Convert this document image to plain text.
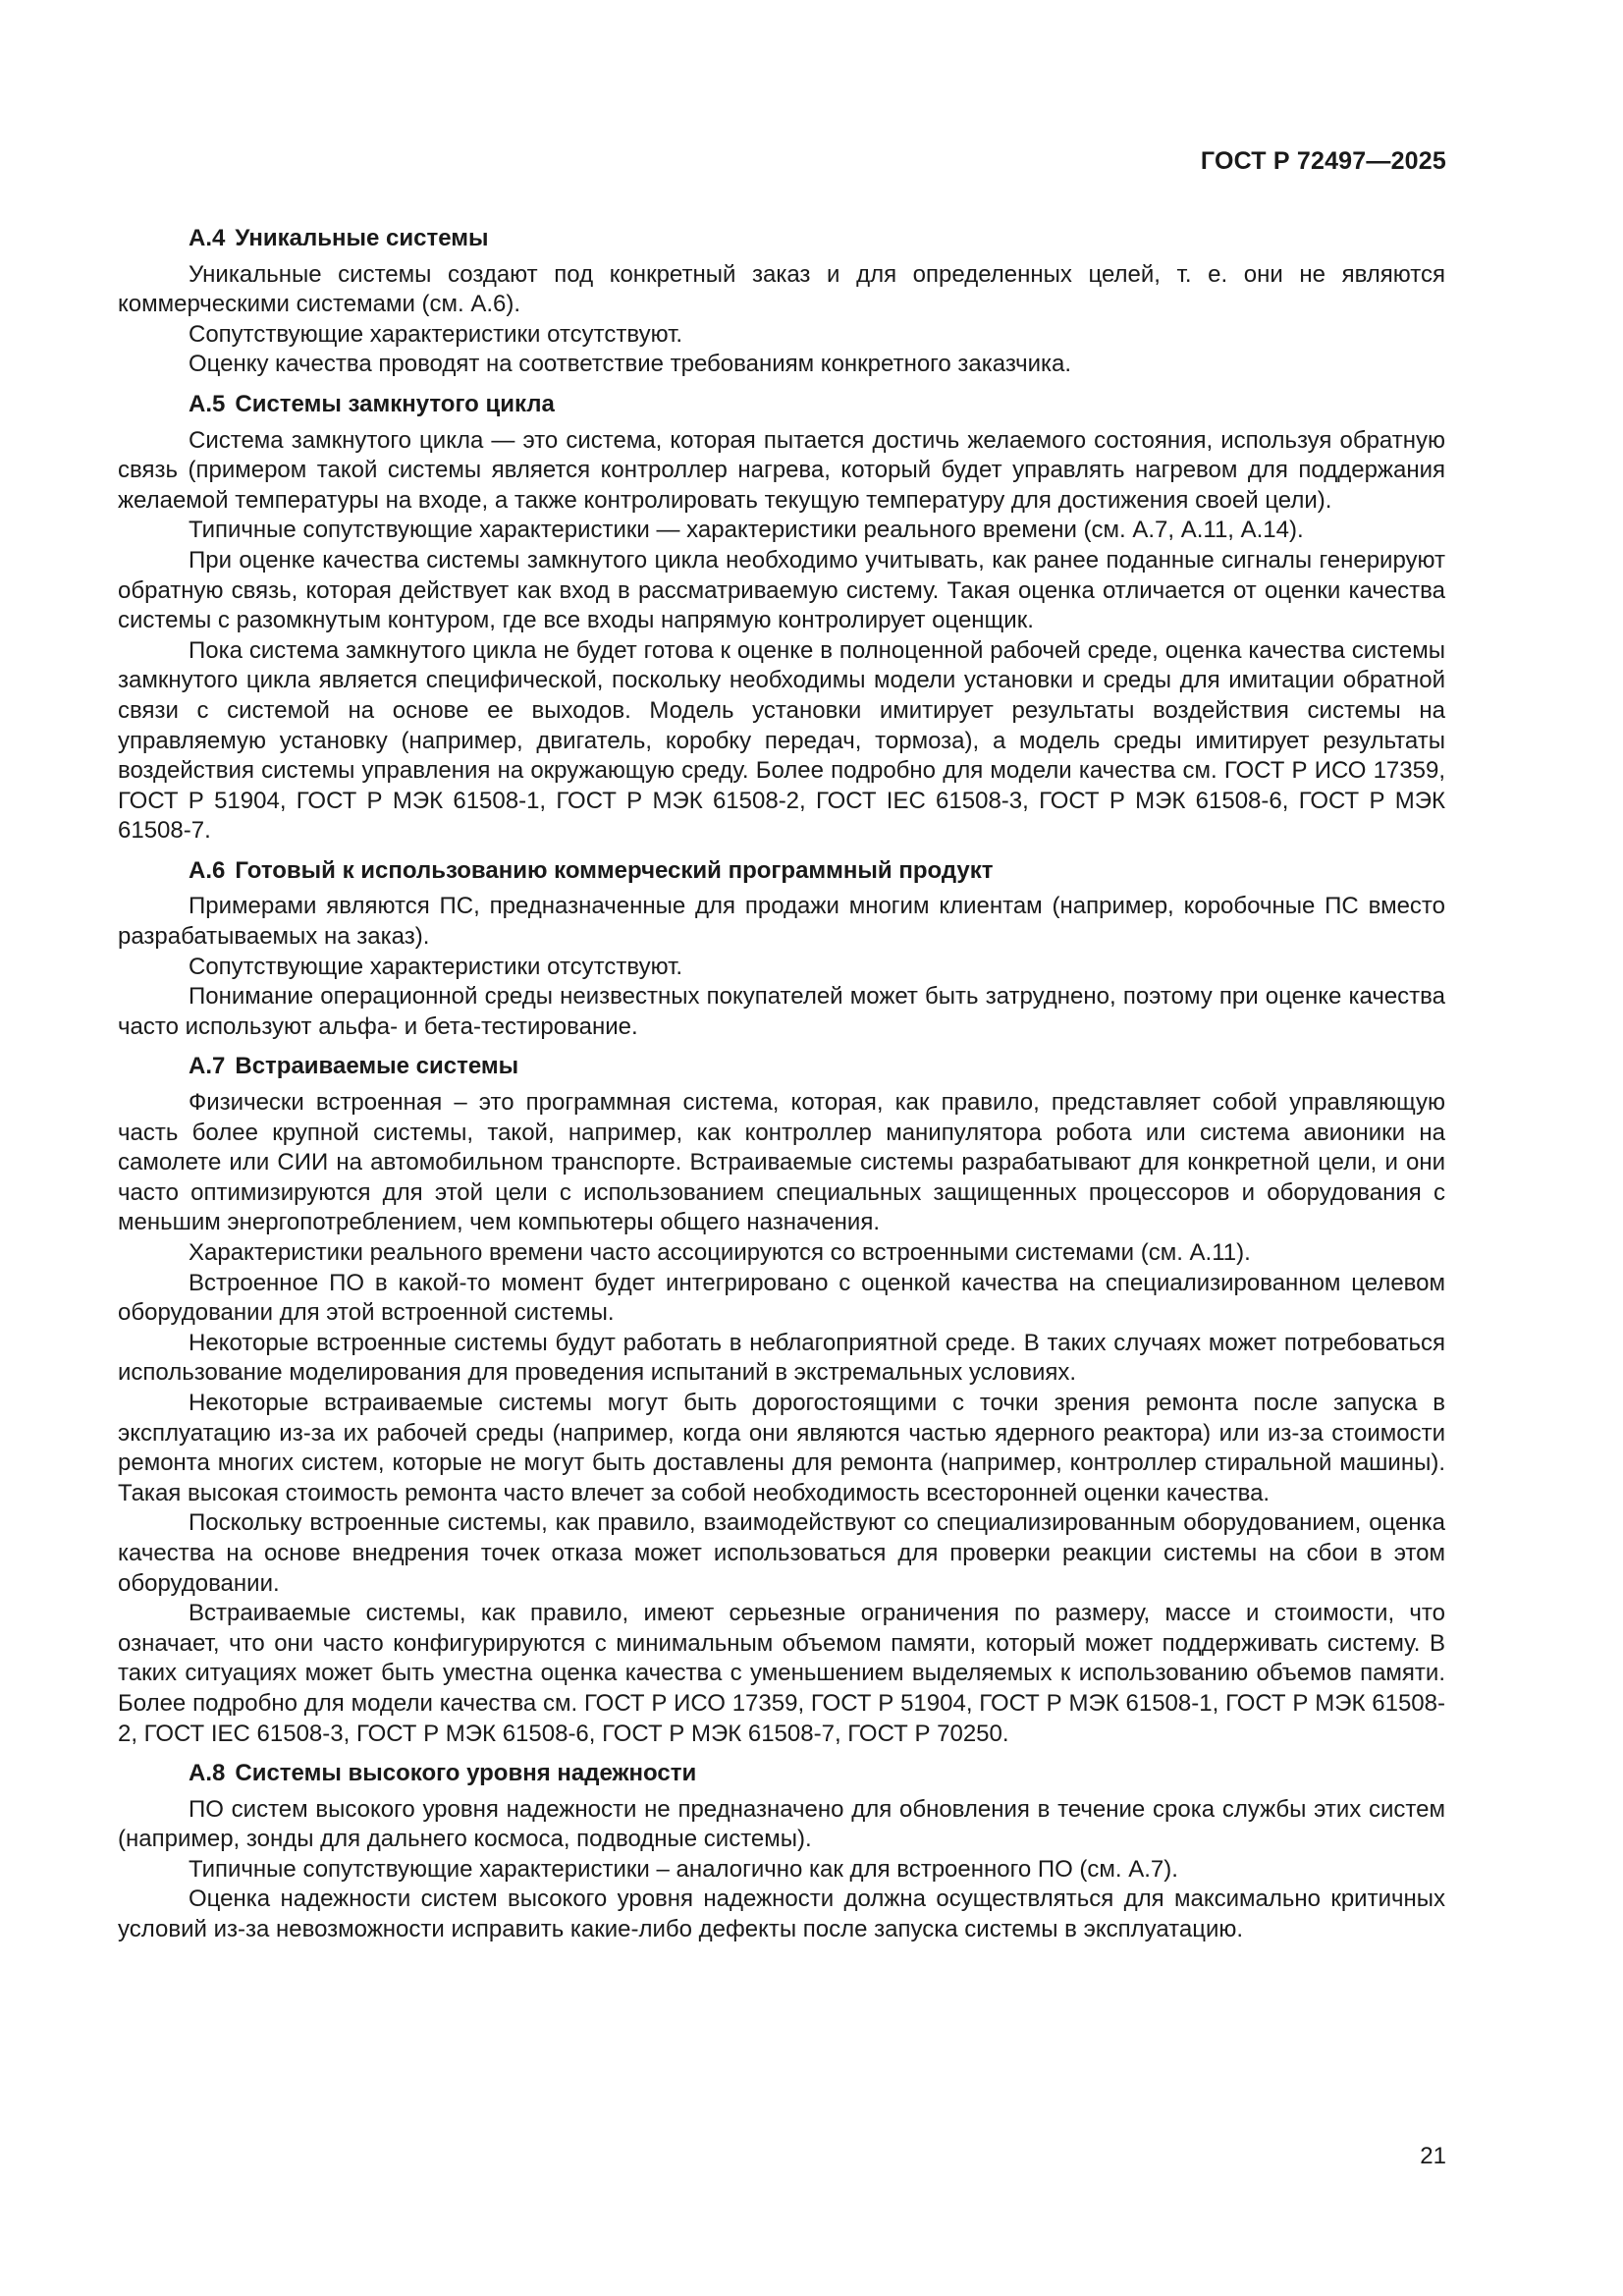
ГОСТ Р 72497—2025
А.4 Уникальные системы

Уникальные системы создают под конкретный заказ и для определенных целей, т. е. они не являются коммерческими системами (см. А.6).

Сопутствующие характеристики отсутствуют.

Оценку качества проводят на соответствие требованиям конкретного заказчика.

А.5 Системы замкнутого цикла

Система замкнутого цикла — это система, которая пытается достичь желаемого состояния, используя обратную связь (примером такой системы является контроллер нагрева, который будет управлять нагревом для поддержания желаемой температуры на входе, а также контролировать текущую температуру для достижения своей цели).

Типичные сопутствующие характеристики — характеристики реального времени (см. А.7, А.11, А.14).

При оценке качества системы замкнутого цикла необходимо учитывать, как ранее поданные сигналы генерируют обратную связь, которая действует как вход в рассматриваемую систему. Такая оценка отличается от оценки качества системы с разомкнутым контуром, где все входы напрямую контролирует оценщик.

Пока система замкнутого цикла не будет готова к оценке в полноценной рабочей среде, оценка качества системы замкнутого цикла является специфической, поскольку необходимы модели установки и среды для имитации обратной связи с системой на основе ее выходов. Модель установки имитирует результаты воздействия системы на управляемую установку (например, двигатель, коробку передач, тормоза), а модель среды имитирует результаты воздействия системы управления на окружающую среду. Более подробно для модели качества см. ГОСТ Р ИСО 17359, ГОСТ Р 51904, ГОСТ Р МЭК 61508-1, ГОСТ Р МЭК 61508-2, ГОСТ IEC 61508-3, ГОСТ Р МЭК 61508-6, ГОСТ Р МЭК 61508-7.

А.6 Готовый к использованию коммерческий программный продукт

Примерами являются ПС, предназначенные для продажи многим клиентам (например, коробочные ПС вместо разрабатываемых на заказ).

Сопутствующие характеристики отсутствуют.

Понимание операционной среды неизвестных покупателей может быть затруднено, поэтому при оценке качества часто используют альфа- и бета-тестирование.

А.7 Встраиваемые системы

Физически встроенная – это программная система, которая, как правило, представляет собой управляющую часть более крупной системы, такой, например, как контроллер манипулятора робота или система авионики на самолете или СИИ на автомобильном транспорте. Встраиваемые системы разрабатывают для конкретной цели, и они часто оптимизируются для этой цели с использованием специальных защищенных процессоров и оборудования с меньшим энергопотреблением, чем компьютеры общего назначения.

Характеристики реального времени часто ассоциируются со встроенными системами (см. А.11).

Встроенное ПО в какой-то момент будет интегрировано с оценкой качества на специализированном целевом оборудовании для этой встроенной системы.

Некоторые встроенные системы будут работать в неблагоприятной среде. В таких случаях может потребоваться использование моделирования для проведения испытаний в экстремальных условиях.

Некоторые встраиваемые системы могут быть дорогостоящими с точки зрения ремонта после запуска в эксплуатацию из-за их рабочей среды (например, когда они являются частью ядерного реактора) или из-за стоимости ремонта многих систем, которые не могут быть доставлены для ремонта (например, контроллер стиральной машины). Такая высокая стоимость ремонта часто влечет за собой необходимость всесторонней оценки качества.

Поскольку встроенные системы, как правило, взаимодействуют со специализированным оборудованием, оценка качества на основе внедрения точек отказа может использоваться для проверки реакции системы на сбои в этом оборудовании.

Встраиваемые системы, как правило, имеют серьезные ограничения по размеру, массе и стоимости, что означает, что они часто конфигурируются с минимальным объемом памяти, который может поддерживать систему. В таких ситуациях может быть уместна оценка качества с уменьшением выделяемых к использованию объемов памяти. Более подробно для модели качества см. ГОСТ Р ИСО 17359, ГОСТ Р 51904, ГОСТ Р МЭК 61508-1, ГОСТ Р МЭК 61508-2, ГОСТ IEC 61508-3, ГОСТ Р МЭК 61508-6, ГОСТ Р МЭК 61508-7, ГОСТ Р 70250.

А.8 Системы высокого уровня надежности

ПО систем высокого уровня надежности не предназначено для обновления в течение срока службы этих систем (например, зонды для дальнего космоса, подводные системы).

Типичные сопутствующие характеристики – аналогично как для встроенного ПО (см. А.7).

Оценка надежности систем высокого уровня надежности должна осуществляться для максимально критичных условий из-за невозможности исправить какие-либо дефекты после запуска системы в эксплуатацию.

21
